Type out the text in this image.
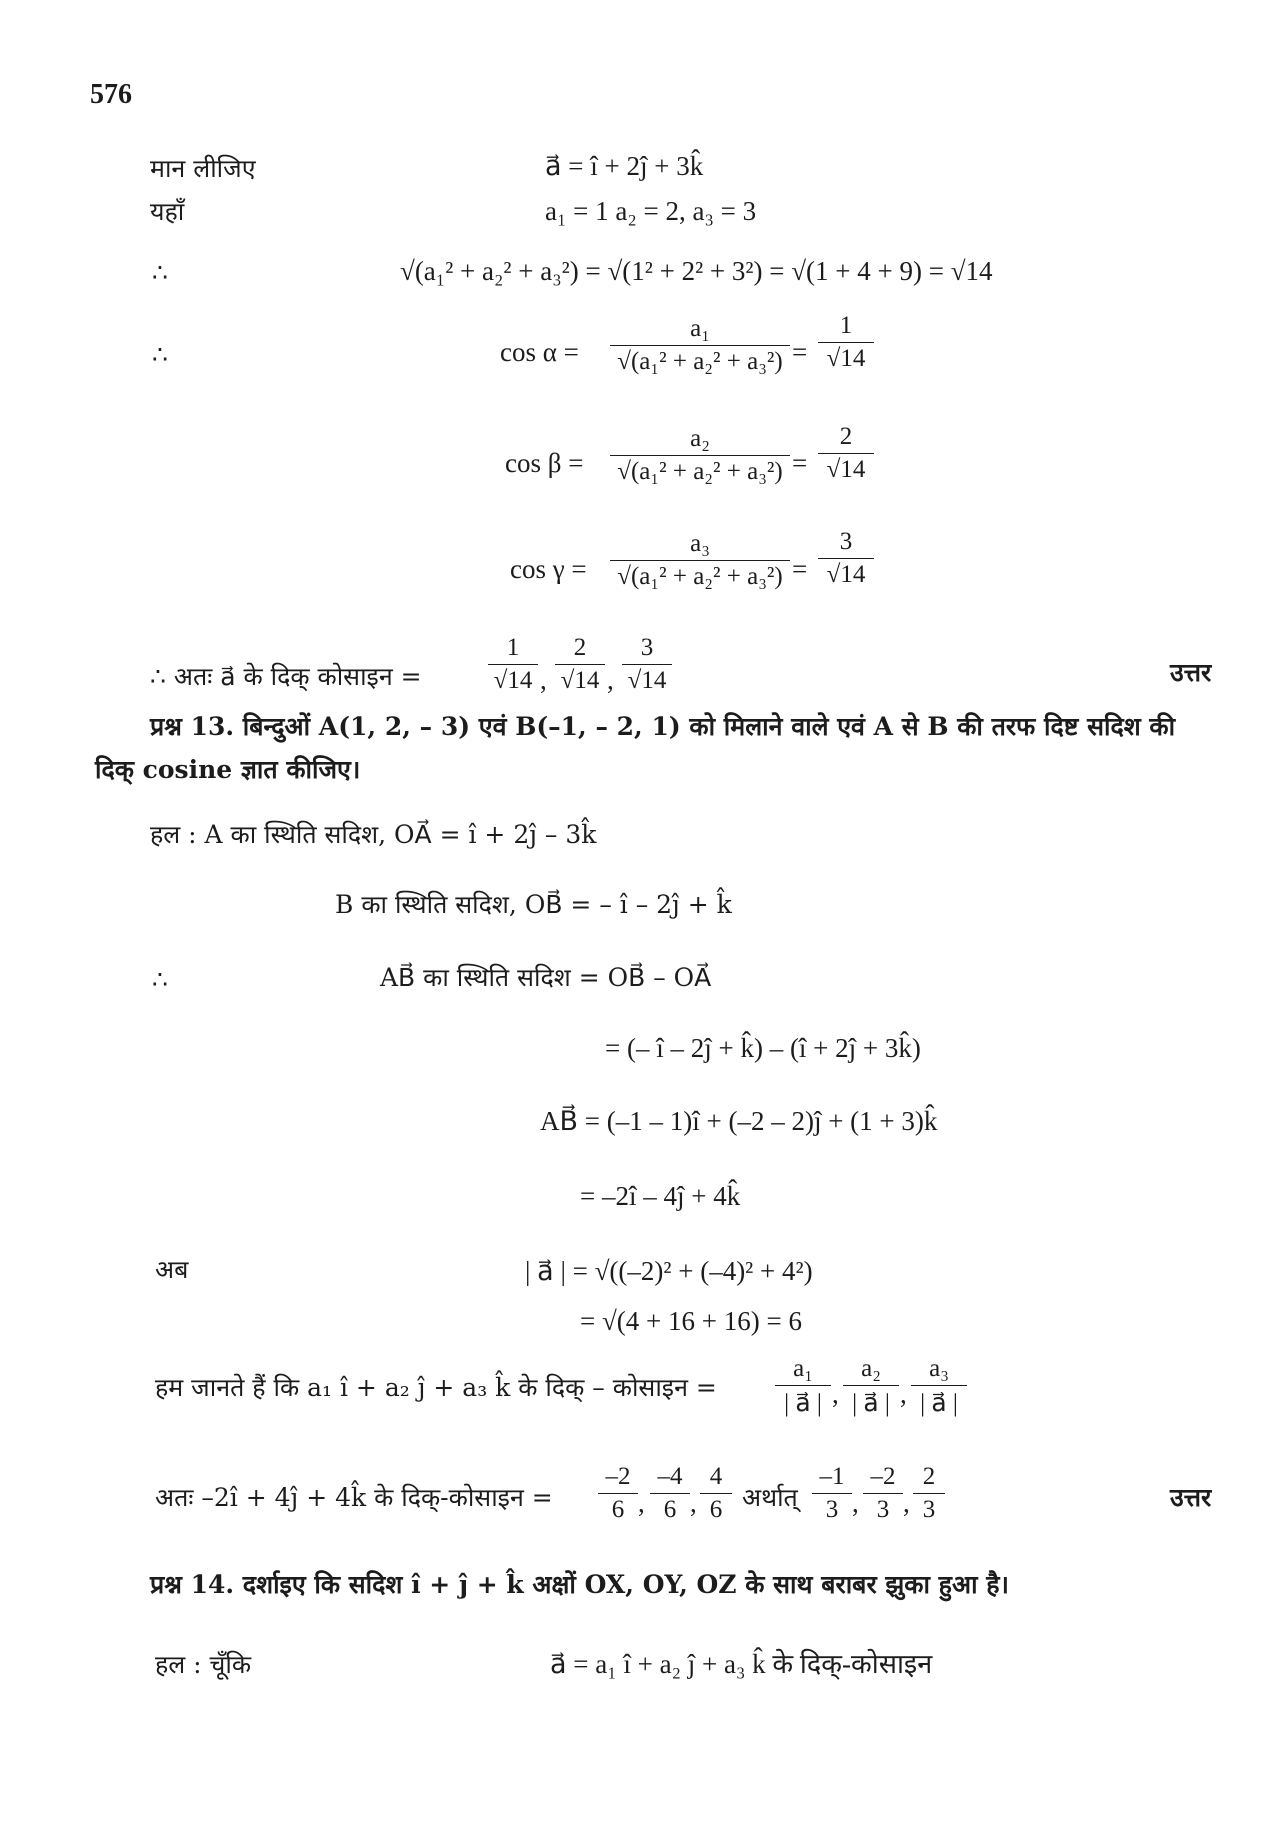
576
मान लीजिए	a⃗ = î + 2ĵ + 3k̂
यहाँ	a₁ = 1 a₂ = 2, a₃ = 3
∴	√(a₁² + a₂² + a₃²) = √(1² + 2² + 3²) = √(1 + 4 + 9) = √14
∴	cos α =
a₁
√(a₁² + a₂² + a₃²) =
1
√14
cos β =
a₂
√(a₁² + a₂² + a₃²) =
2
√14
cos γ =
a₃
√(a₁² + a₂² + a₃²) =
3
√14
∴ अतः a⃗ के दिक् कोसाइन =
1
√14 ,
2
√14 ,
3
√14	उत्तर
प्रश्न 13. बिन्दुओं A(1, 2, – 3) एवं B(–1, – 2, 1) को मिलाने वाले एवं A से B की तरफ दिष्ट सदिश की
दिक् cosine ज्ञात कीजिए।
हल : A का स्थिति सदिश, OA⃗ = î + 2ĵ – 3k̂
B का स्थिति सदिश, OB⃗ = – î – 2ĵ + k̂
∴	AB⃗ का स्थिति सदिश = OB⃗ – OA⃗
= (– î – 2ĵ + k̂) – (î + 2ĵ + 3k̂)
AB⃗ = (–1 – 1)î + (–2 – 2)ĵ + (1 + 3)k̂
= –2î – 4ĵ + 4k̂
अब	| a⃗ | = √((–2)² + (–4)² + 4²)
= √(4 + 16 + 16) = 6
हम जानते हैं कि a₁ î + a₂ ĵ + a₃ k̂ के दिक् – कोसाइन =
a₁
| a⃗ | ,
a₂
| a⃗ | ,
a₃
| a⃗ |
अतः –2î + 4ĵ + 4k̂ के दिक्-कोसाइन =
–2
6 ,
–4
6 ,
4
6 अर्थात्
–1
3 ,
–2
3 ,
2
3	उत्तर
प्रश्न 14. दर्शाइए कि सदिश î + ĵ + k̂ अक्षों OX, OY, OZ के साथ बराबर झुका हुआ है।
हल : चूँकि	a⃗ = a₁ î + a₂ ĵ + a₃ k̂ के दिक्-कोसाइन
